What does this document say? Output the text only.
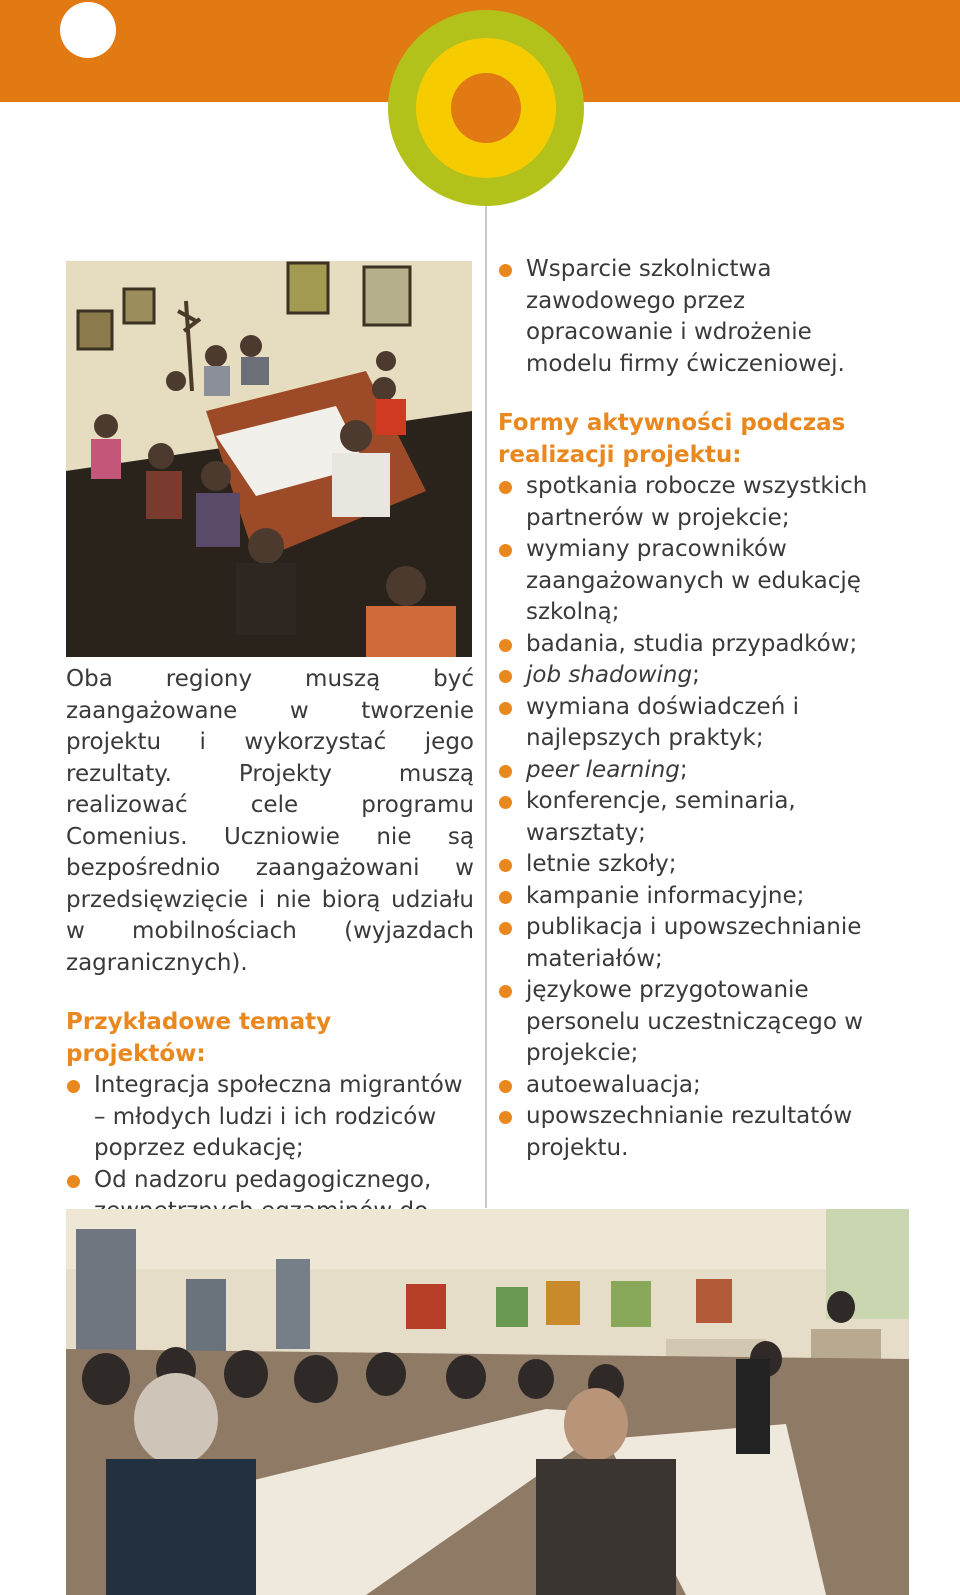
Oba regiony muszą być zaangażowane w tworzenie projektu i wykorzystać jego rezultaty. Projekty muszą realizować cele programu Comenius. Uczniowie nie są bezpośrednio zaangażowani w przedsięwzięcie i nie biorą udziału w mobilnościach (wyjazdach zagranicznych).

Przykładowe tematy projektów:

Integracja społeczna migrantów – młodych ludzi i ich rodziców poprzez edukację;
Od nadzoru pedagogicznego,
Wsparcie szkolnictwa zawodowego przez opracowanie i wdrożenie modelu firmy ćwiczeniowej.

Formy aktywności podczas realizacji projektu:

spotkania robocze wszystkich partnerów w projekcie;
wymiany pracowników zaangażowanych w edukację szkolną;
badania, studia przypadków;
job shadowing;
wymiana doświadczeń i najlepszych praktyk;
peer learning;
konferencje, seminaria, warsztaty;
letnie szkoły;
kampanie informacyjne;
publikacja i upowszechnianie materiałów;
językowe przygotowanie personelu uczestniczącego w projekcie;
autoewaluacja;
upowszechnianie rezultatów projektu.
